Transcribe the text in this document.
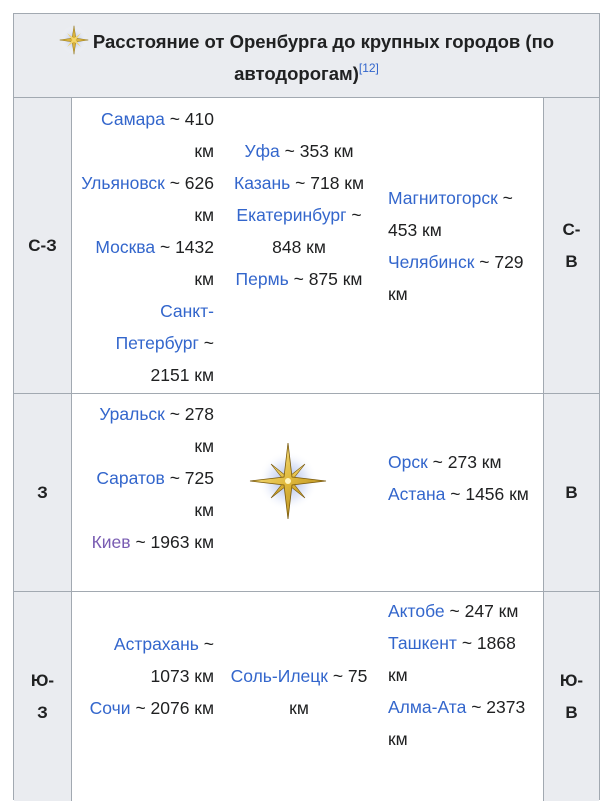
Расстояние от Оренбурга до крупных городов (по
автодорогам)[12]
С-З
С-В
З	В
Ю-З
Ю-В
Самара ~ 410 км
Ульяновск ~ 626 км
Москва ~ 1432 км
Санкт-Петербург ~ 2151 км
Уфа ~ 353 км
Казань ~ 718 км
Екатеринбург ~ 848 км
Пермь ~ 875 км
Магнитогорск ~ 453 км
Челябинск ~ 729 км
Уральск ~ 278 км
Саратов ~ 725 км
Киев ~ 1963 км
Орск ~ 273 км
Астана ~ 1456 км
Астрахань ~ 1073 км
Сочи ~ 2076 км
Соль-Илецк ~ 75 км
Актобе ~ 247 км
Ташкент ~ 1868 км
Алма-Ата ~ 2373 км
